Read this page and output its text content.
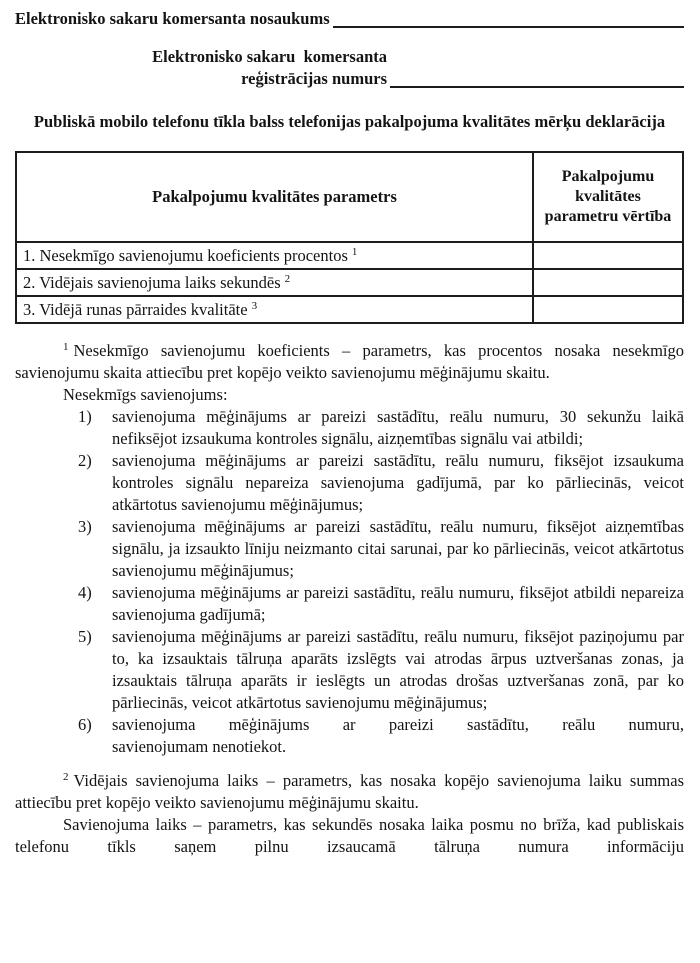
Elektronisko sakaru komersanta nosaukums
Elektronisko sakaru  komersanta
reģistrācijas numurs
Publiskā mobilo telefonu tīkla balss telefonijas pakalpojuma kvalitātes mērķu deklarācija
Pakalpojumu kvalitātes parametrs	Pakalpojumu kvalitātes parametru vērtība
1. Nesekmīgo savienojumu koeficients procentos $^1$	
2. Vidējais savienojuma laiks sekundēs $^2$	
3. Vidējā runas pārraides kvalitāte $^3$	

$^1$ Nesekmīgo savienojumu koeficients – parametrs, kas procentos nosaka nesekmīgo savienojumu skaita attiecību pret kopējo veikto savienojumu mēģinājumu skaitu.

Nesekmīgs savienojums:

1)	savienojuma mēģinājums ar pareizi sastādītu, reālu numuru, 30 sekunžu laikā nefiksējot izsaukuma kontroles signālu, aizņemtības signālu vai atbildi;
2)	savienojuma mēģinājums ar pareizi sastādītu, reālu numuru, fiksējot izsaukuma kontroles signālu nepareiza savienojuma gadījumā, par ko pārliecinās, veicot atkārtotus savienojumu mēģinājumus;
3)	savienojuma mēģinājums ar pareizi sastādītu, reālu numuru, fiksējot aizņemtības signālu, ja izsaukto līniju neizmanto citai sarunai, par ko pārliecinās, veicot atkārtotus savienojumu mēģinājumus;
4)	savienojuma mēģinājums ar pareizi sastādītu, reālu numuru, fiksējot atbildi nepareiza savienojuma gadījumā;
5)	savienojuma mēģinājums ar pareizi sastādītu, reālu numuru, fiksējot paziņojumu par to, ka izsauktais tālruņa aparāts izslēgts vai atrodas ārpus uztveršanas zonas, ja izsauktais tālruņa aparāts ir ieslēgts un atrodas drošas uztveršanas zonā, par ko pārliecinās, veicot atkārtotus savienojumu mēģinājumus;
6)	savienojuma mēģinājums ar pareizi sastādītu, reālu numuru,
savienojumam nenotiekot.

$^2$ Vidējais savienojuma laiks – parametrs, kas nosaka kopējo savienojuma laiku summas attiecību pret kopējo veikto savienojumu mēģinājumu skaitu.

Savienojuma laiks – parametrs, kas sekundēs nosaka laika posmu no brīža, kad publiskais telefonu tīkls saņem pilnu izsaucamā tālruņa numura informāciju
